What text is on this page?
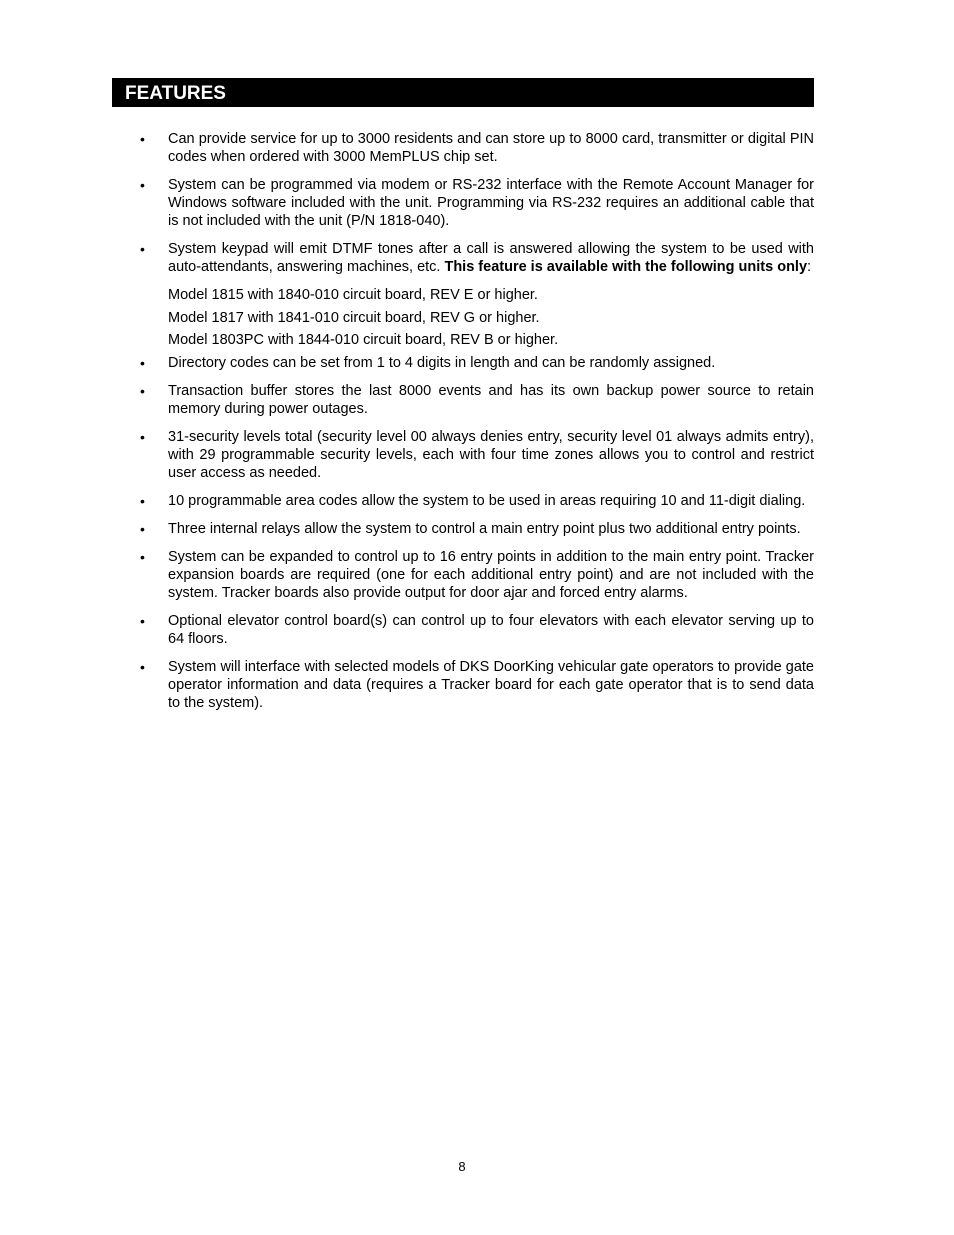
FEATURES
• Can provide service for up to 3000 residents and can store up to 8000 card, transmitter or digital PIN codes when ordered with 3000 MemPLUS chip set.
• System can be programmed via modem or RS-232 interface with the Remote Account Manager for Windows software included with the unit. Programming via RS-232 requires an additional cable that is not included with the unit (P/N 1818-040).
• System keypad will emit DTMF tones after a call is answered allowing the system to be used with auto-attendants, answering machines, etc. This feature is available with the following units only:
Model 1815 with 1840-010 circuit board, REV E or higher.
Model 1817 with 1841-010 circuit board, REV G or higher.
Model 1803PC with 1844-010 circuit board, REV B or higher.
• Directory codes can be set from 1 to 4 digits in length and can be randomly assigned.
• Transaction buffer stores the last 8000 events and has its own backup power source to retain memory during power outages.
• 31-security levels total (security level 00 always denies entry, security level 01 always admits entry), with 29 programmable security levels, each with four time zones allows you to control and restrict user access as needed.
• 10 programmable area codes allow the system to be used in areas requiring 10 and 11-digit dialing.
• Three internal relays allow the system to control a main entry point plus two additional entry points.
• System can be expanded to control up to 16 entry points in addition to the main entry point. Tracker expansion boards are required (one for each additional entry point) and are not included with the system. Tracker boards also provide output for door ajar and forced entry alarms.
• Optional elevator control board(s) can control up to four elevators with each elevator serving up to 64 floors.
• System will interface with selected models of DKS DoorKing vehicular gate operators to provide gate operator information and data (requires a Tracker board for each gate operator that is to send data to the system).
8
